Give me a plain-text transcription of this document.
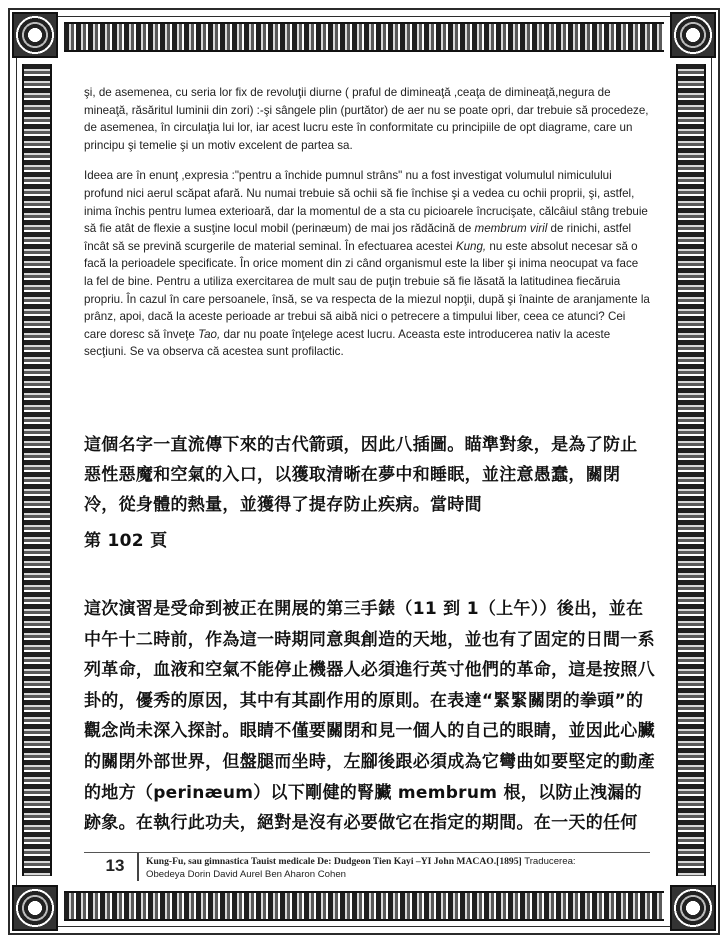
şi, de asemenea, cu seria lor fix de revoluţii diurne ( praful de dimineaţă ,ceaţa de dimineaţă,negura de mineaţă, răsăritul luminii din zori) :-şi sângele plin (purtător) de aer nu se poate opri, dar trebuie să procedeze, de asemenea, în circulaţia lui lor, iar acest lucru este în conformitate cu principiile de opt diagrame, care un principu şi temelie şi un motiv excelent de partea sa.

Ideea are în enunţ ,expresia :"pentru a închide pumnul strâns" nu a fost investigat volumulul nimiculului profund nici aerul scăpat afară. Nu numai trebuie să ochii să fie închise şi a vedea cu ochii proprii, şi, astfel, inima închis pentru lumea exterioară, dar la momentul de a sta cu picioarele încrucişate, călcâiul stâng trebuie să fie atât de flexie a susţine locul mobil (perinæum) de mai jos rădăcină de membrum viril de rinichi, astfel încât să se prevină scurgerile de material seminal. În efectuarea acestei Kung, nu este absolut necesar să o facă la perioadele specificate. În orice moment din zi când organismul este la liber şi inima neocupat va face la fel de bine. Pentru a utiliza exercitarea de mult sau de puţin trebuie să fie lăsată la latitudinea fiecăruia propriu. În cazul în care persoanele, însă, se va respecta de la miezul nopţii, după şi înainte de aranjamente la prânz, apoi, dacă la aceste perioade ar trebui să aibă nici o petrecere a timpului liber, ceea ce atunci? Cei care doresc să înveţe Tao, dar nu poate înţelege acest lucru. Aceasta este introducerea nativ la aceste secţiuni. Se va observa că acestea sunt profilactic.

這個名字一直流傳下來的古代箭頭，因此八插圖。瞄準對象，是為了防止惡性惡魔和空氣的入口，以獲取清晰在夢中和睡眠，並注意愚蠢，關閉冷，從身體的熱量，並獲得了提存防止疾病。當時間

第 102 頁

這次演習是受命到被正在開展的第三手錶（11 到 1（上午））後出，並在中午十二時前，作為這一時期同意與創造的天地，並也有了固定的日間一系列革命，血液和空氣不能停止機器人必須進行英寸他們的革命，這是按照八卦的，優秀的原因，其中有其副作用的原則。在表達“緊緊關閉的拳頭”的觀念尚未深入探討。眼睛不僅要關閉和見一個人的自己的眼睛，並因此心臟的關閉外部世界，但盤腿而坐時，左腳後跟必須成為它彎曲如要堅定的動產的地方（perinæum）以下剛健的腎臟 membrum 根，以防止洩漏的跡象。在執行此功夫，絕對是沒有必要做它在指定的期間。在一天的任何

13	Kung-Fu, sau gimnastica Tauist medicale De: Dudgeon Tien Kayi –YI John MACAO.[1895] Traducerea:
Obedeya Dorin David Aurel Ben Aharon Cohen
